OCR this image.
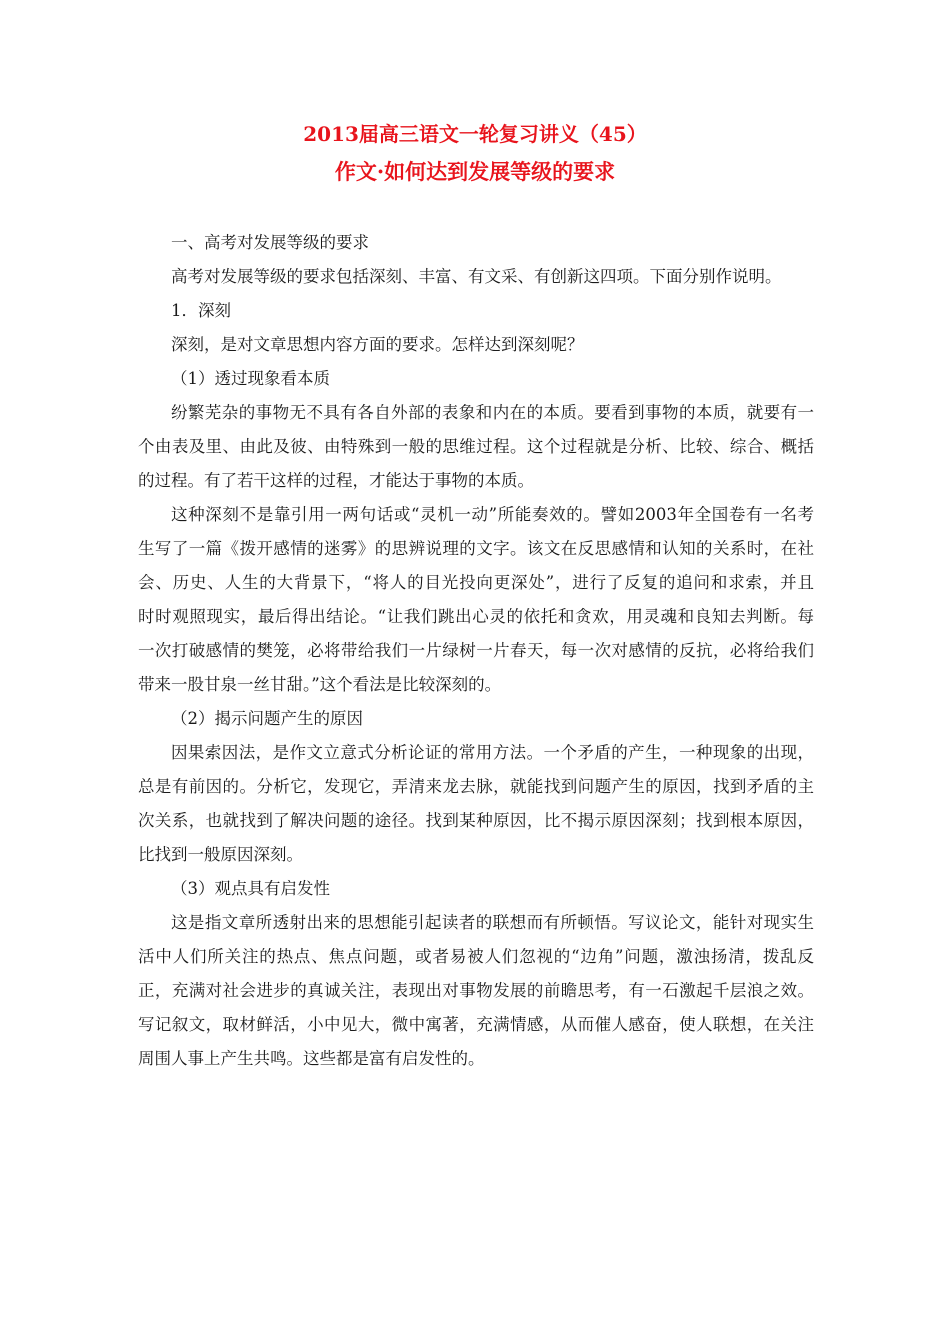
2013届高三语文一轮复习讲义（45）
作文·如何达到发展等级的要求
一、高考对发展等级的要求
高考对发展等级的要求包括深刻、丰富、有文采、有创新这四项。下面分别作说明。
1．深刻
深刻，是对文章思想内容方面的要求。怎样达到深刻呢？
（1）透过现象看本质
纷繁芜杂的事物无不具有各自外部的表象和内在的本质。要看到事物的本质，就要有一
个由表及里、由此及彼、由特殊到一般的思维过程。这个过程就是分析、比较、综合、概括
的过程。有了若干这样的过程，才能达于事物的本质。
这种深刻不是靠引用一两句话或“灵机一动”所能奏效的。譬如2003年全国卷有一名考
生写了一篇《拨开感情的迷雾》的思辨说理的文字。该文在反思感情和认知的关系时，在社
会、历史、人生的大背景下，“将人的目光投向更深处”，进行了反复的追问和求索，并且
时时观照现实，最后得出结论。“让我们跳出心灵的依托和贪欢，用灵魂和良知去判断。每
一次打破感情的樊笼，必将带给我们一片绿树一片春天，每一次对感情的反抗，必将给我们
带来一股甘泉一丝甘甜。”这个看法是比较深刻的。
（2）揭示问题产生的原因
因果索因法，是作文立意式分析论证的常用方法。一个矛盾的产生，一种现象的出现，
总是有前因的。分析它，发现它，弄清来龙去脉，就能找到问题产生的原因，找到矛盾的主
次关系，也就找到了解决问题的途径。找到某种原因，比不揭示原因深刻；找到根本原因，
比找到一般原因深刻。
（3）观点具有启发性
这是指文章所透射出来的思想能引起读者的联想而有所顿悟。写议论文，能针对现实生
活中人们所关注的热点、焦点问题，或者易被人们忽视的“边角”问题，激浊扬清，拨乱反
正，充满对社会进步的真诚关注，表现出对事物发展的前瞻思考，有一石激起千层浪之效。
写记叙文，取材鲜活，小中见大，微中寓著，充满情感，从而催人感奋，使人联想，在关注
周围人事上产生共鸣。这些都是富有启发性的。
